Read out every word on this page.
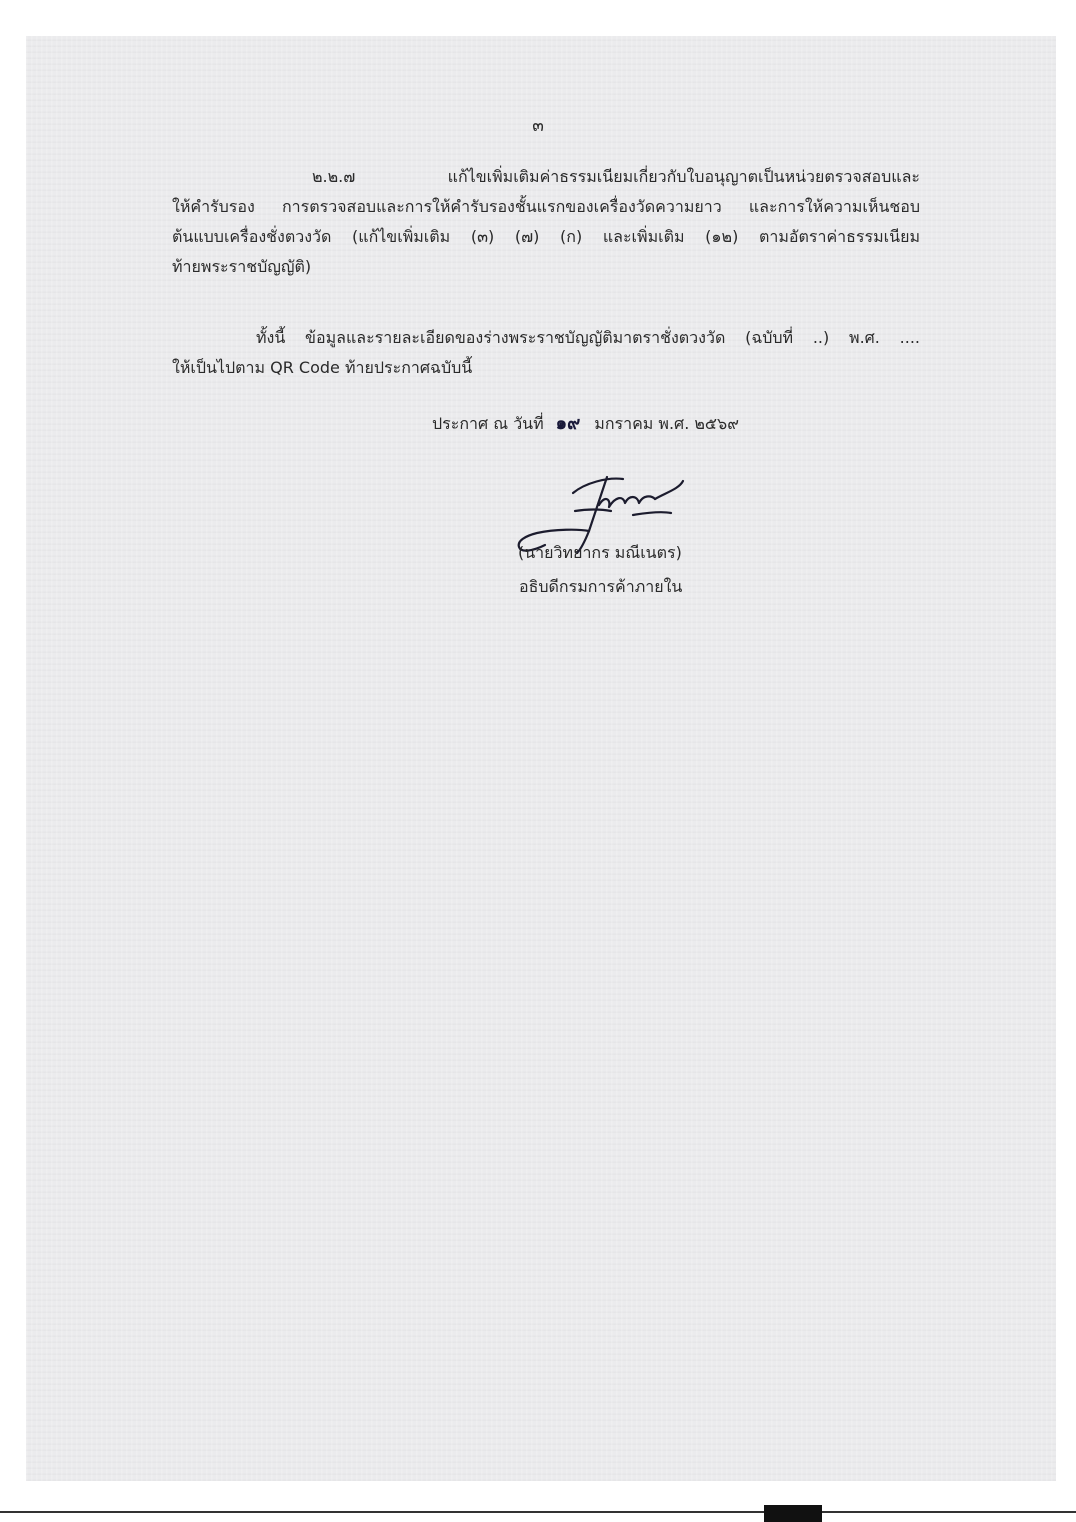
๓
๒.๒.๗ แก้ไขเพิ่มเติมค่าธรรมเนียมเกี่ยวกับใบอนุญาตเป็นหน่วยตรวจสอบและ
ให้คำรับรอง การตรวจสอบและการให้คำรับรองชั้นแรกของเครื่องวัดความยาว และการให้ความเห็นชอบ
ต้นแบบเครื่องชั่งตวงวัด (แก้ไขเพิ่มเติม (๓) (๗) (ก) และเพิ่มเติม (๑๒) ตามอัตราค่าธรรมเนียม
ท้ายพระราชบัญญัติ)
ทั้งนี้ ข้อมูลและรายละเอียดของร่างพระราชบัญญัติมาตราชั่งตวงวัด (ฉบับที่ ..) พ.ศ. ....
ให้เป็นไปตาม QR Code ท้ายประกาศฉบับนี้
ประกาศ ณ วันที่ ๑๙ มกราคม พ.ศ. ๒๕๖๙
(นายวิทยากร มณีเนตร)
อธิบดีกรมการค้าภายใน
